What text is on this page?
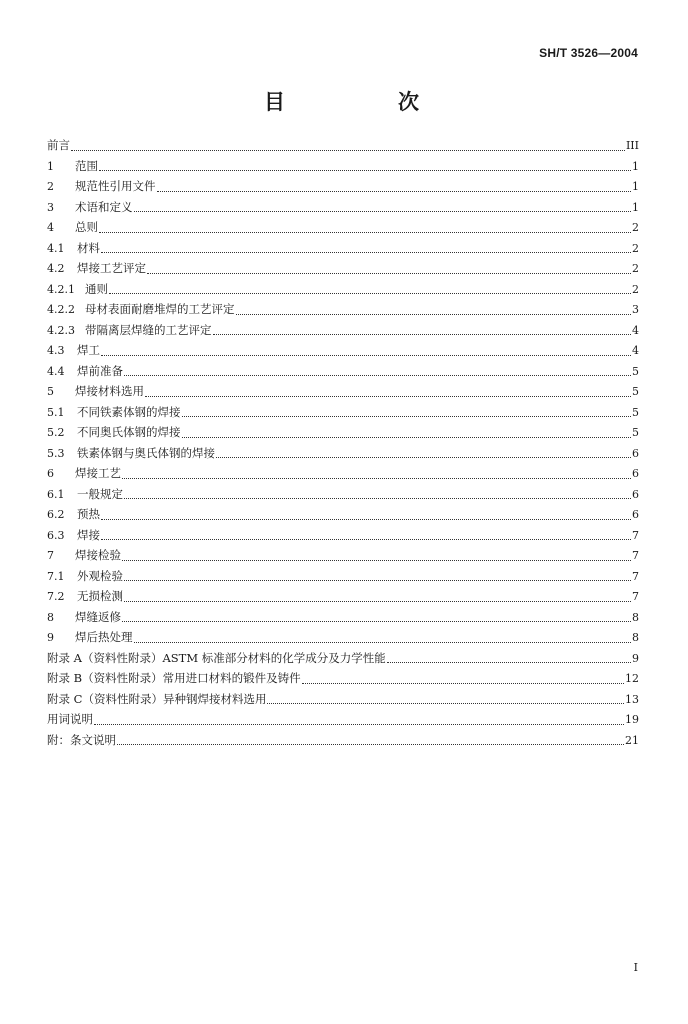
SH/T 3526—2004
目	次
前言	III
1	范围	1
2	规范性引用文件	1
3	术语和定义	1
4	总则	2
4.1	材料	2
4.2	焊接工艺评定	2
4.2.1 通则	2
4.2.2 母材表面耐磨堆焊的工艺评定	3
4.2.3 带隔离层焊缝的工艺评定	4
4.3	焊工	4
4.4	焊前准备	5
5	焊接材料选用	5
5.1	不同铁素体钢的焊接	5
5.2	不同奥氏体钢的焊接	5
5.3	铁素体钢与奥氏体钢的焊接	6
6	焊接工艺	6
6.1	一般规定	6
6.2	预热	6
6.3	焊接	7
7	焊接检验	7
7.1	外观检验	7
7.2	无损检测	7
8	焊缝返修	8
9	焊后热处理	8
附录 A（资料性附录）ASTM 标准部分材料的化学成分及力学性能	9
附录 B（资料性附录）常用进口材料的锻件及铸件	12
附录 C（资料性附录）异种钢焊接材料选用	13
用词说明	19
附：条文说明	21
I
